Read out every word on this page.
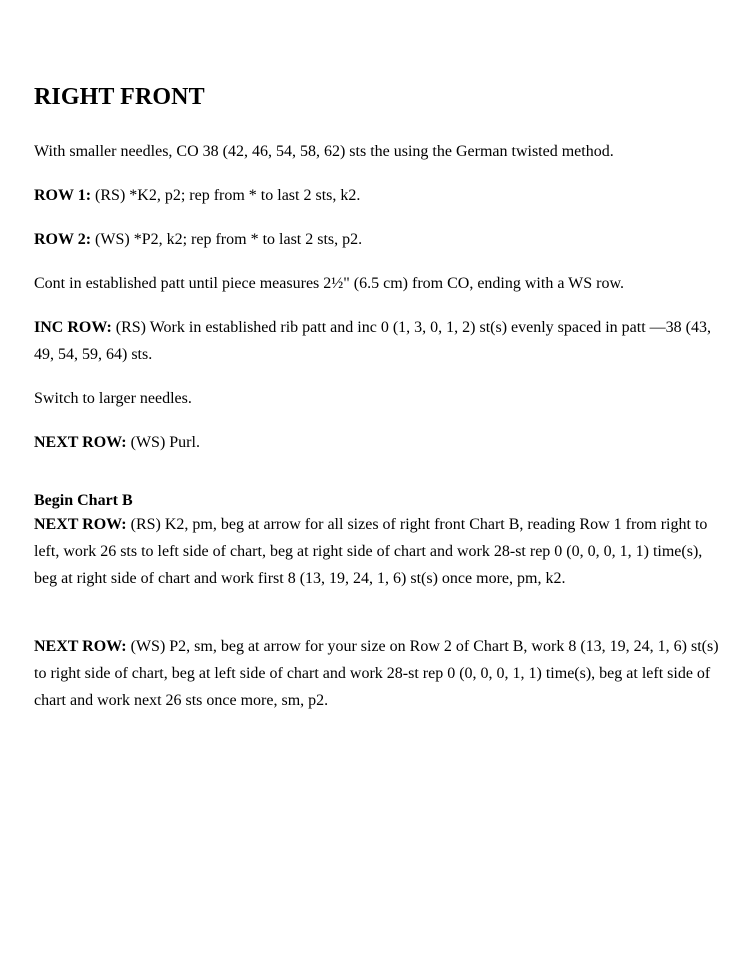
RIGHT FRONT

With smaller needles, CO 38 (42, 46, 54, 58, 62) sts the using the German twisted method.

ROW 1: (RS) *K2, p2; rep from * to last 2 sts, k2.

ROW 2: (WS) *P2, k2; rep from * to last 2 sts, p2.

Cont in established patt until piece measures 2½" (6.5 cm) from CO, ending with a WS row.

INC ROW: (RS) Work in established rib patt and inc 0 (1, 3, 0, 1, 2) st(s) evenly spaced in patt —38 (43, 49, 54, 59, 64) sts.

Switch to larger needles.

NEXT ROW: (WS) Purl.

Begin Chart B

NEXT ROW: (RS) K2, pm, beg at arrow for all sizes of right front Chart B, reading Row 1 from right to left, work 26 sts to left side of chart, beg at right side of chart and work 28-st rep 0 (0, 0, 0, 1, 1) time(s), beg at right side of chart and work first 8 (13, 19, 24, 1, 6) st(s) once more, pm, k2.

NEXT ROW: (WS) P2, sm, beg at arrow for your size on Row 2 of Chart B, work 8 (13, 19, 24, 1, 6) st(s) to right side of chart, beg at left side of chart and work 28-st rep 0 (0, 0, 0, 1, 1) time(s), beg at left side of chart and work next 26 sts once more, sm, p2.
